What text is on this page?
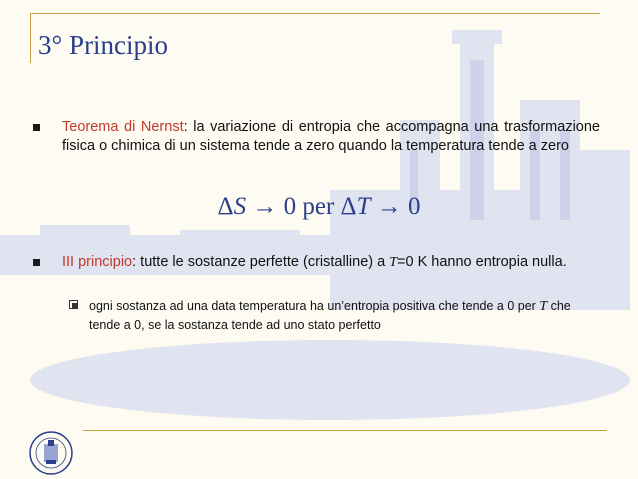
3° Principio
Teorema di Nernst: la variazione di entropia che accompagna una trasformazione fisica o chimica di un sistema tende a zero quando la temperatura tende a zero
ΔS → 0 per ΔT → 0
III principio: tutte le sostanze perfette (cristalline) a T=0 K hanno entropia nulla.
ogni sostanza ad una data temperatura ha un’entropia positiva che tende a 0 per T che tende a 0, se la sostanza tende ad uno stato perfetto
